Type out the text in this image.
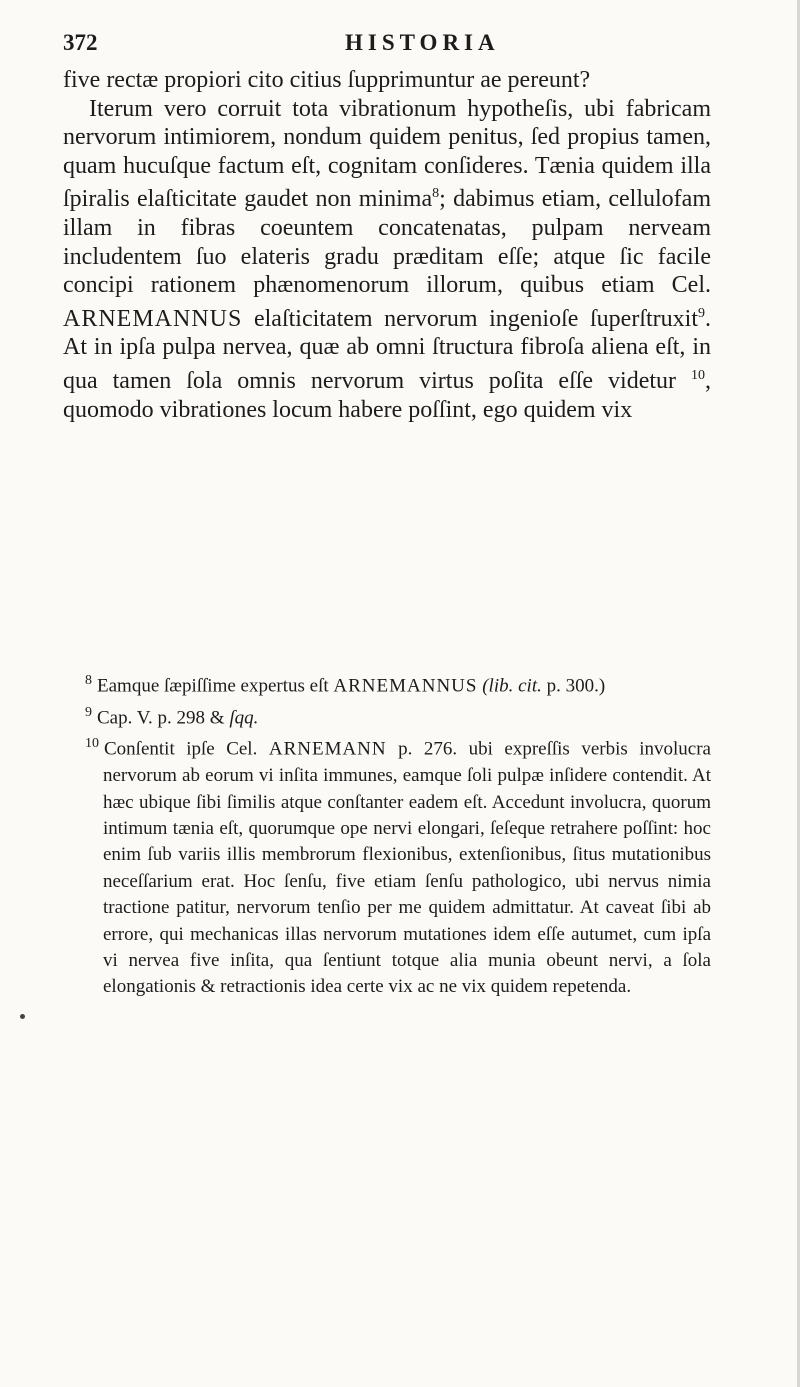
372	HISTORIA

five rectæ propiori cito citius ſupprimuntur ae pereunt?

Iterum vero corruit tota vibrationum hypotheſis, ubi fabricam nervorum intimiorem, nondum quidem penitus, ſed propius tamen, quam hucuſque factum eſt, cognitam conſideres. Tænia quidem illa ſpiralis elaſticitate gaudet non minima$^8$; dabimus etiam, cellulofam illam in fibras coeuntem concatenatas, pulpam nerveam includentem ſuo elateris gradu præditam eſſe; atque ſic facile concipi rationem phænomenorum illorum, quibus etiam Cel. ARNEMANNUS elaſticitatem nervorum ingenioſe ſuperſtruxit$^9$. At in ipſa pulpa nervea, quæ ab omni ſtructura fibroſa aliena eſt, in qua tamen ſola omnis nervorum virtus poſita eſſe videtur $^{10}$, quomodo vibrationes locum habere poſſint, ego quidem vix

$^8$ Eamque ſæpiſſime expertus eſt ARNEMANNUS (lib. cit. p. 300.)

$^9$ Cap. V. p. 298 & ſqq.

$^{10}$ Conſentit ipſe Cel. ARNEMANN p. 276. ubi expreſſis verbis involucra nervorum ab eorum vi inſita immunes, eamque ſoli pulpæ inſidere contendit. At hæc ubique ſibi ſimilis atque conſtanter eadem eſt. Accedunt involucra, quorum intimum tænia eſt, quorumque ope nervi elongari, ſeſeque retrahere poſſint: hoc enim ſub variis illis membrorum flexionibus, extenſionibus, ſitus mutationibus neceſſarium erat. Hoc ſenſu, five etiam ſenſu pathologico, ubi nervus nimia tractione patitur, nervorum tenſio per me quidem admittatur. At caveat ſibi ab errore, qui mechanicas illas nervorum mutationes idem eſſe autumet, cum ipſa vi nervea five inſita, qua ſentiunt totque alia munia obeunt nervi, a ſola elongationis & retractionis idea certe vix ac ne vix quidem repetenda.
